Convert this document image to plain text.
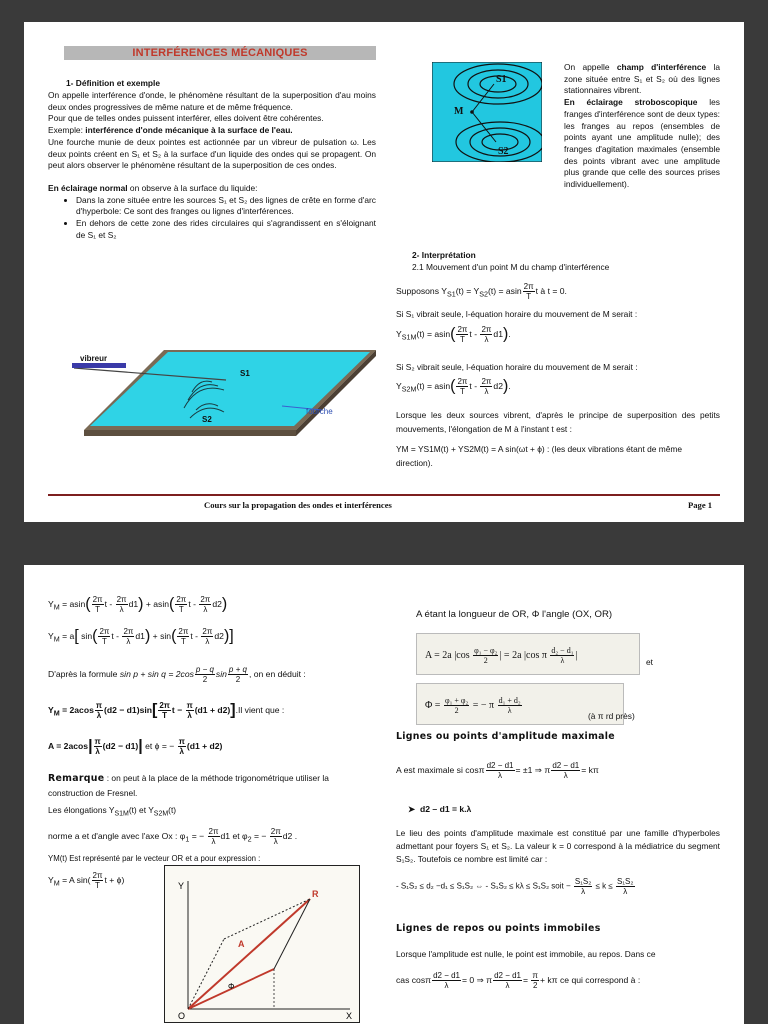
INTERFÉRENCES MÉCANIQUES
1- Définition et exemple
On appelle interférence d'onde, le phénomène résultant de la superposition d'au moins deux ondes progressives de même nature et de même fréquence.
Pour que de telles ondes puissent interférer, elles doivent être cohérentes.
Exemple: interférence d'onde mécanique à la surface de l'eau.
Une fourche munie de deux pointes est actionnée par un vibreur de pulsation ω. Les deux points créent en S₁ et S₂ à la surface d'un liquide des ondes qui se propagent. On peut alors observer le phénomène résultant de la superposition de ces ondes.
En éclairage normal on observe à la surface du liquide:
• Dans la zone située entre les sources S₁ et S₂ des lignes de crête en forme d'arc d'hyperbole: Ce sont des franges ou lignes d'interférences.
• En dehors de cette zone des rides circulaires qui s'agrandissent en s'éloignant de S₁ et S₂
vibreur
S1
S2
fourche
S1
S2
M
On appelle champ d'interférence la zone située entre S₁ et S₂ où des lignes stationnaires vibrent.
En éclairage stroboscopique les franges d'interférence sont de deux types: les franges au repos (ensembles de points ayant une amplitude nulle); des franges d'agitation maximales (ensemble des points vibrant avec une amplitude plus grande que celle des sources prises individuellement).
2- Interprétation
2.1 Mouvement d'un point M du champ d'interférence
Supposons $Y_{S1}(t) = Y_{S2}(t) = asin \frac{2\pi}{T}$ t à t = 0.
Si S₁ vibrait seule, l-équation horaire du mouvement de M serait :
$Y_{S1M}(t) = asin( \frac{2\pi}{T}$ t - $\frac{2\pi}{\lambda} d1$).
Si S₂ vibrait seule, l-équation horaire du mouvement de M serait :
$Y_{S2M}(t) = asin( \frac{2\pi}{T}$ t - $\frac{2\pi}{\lambda} d2$).
Lorsque les deux sources vibrent, d'après le principe de superposition des petits mouvements, l'élongation de M à l'instant t est :
YM = YS1M(t) + YS2M(t) = A sin(ωt + ϕ) : (les deux vibrations étant de même direction).
Cours sur la propagation des ondes et interférences	Page 1
$Y_M = asin( \frac{2\pi}{T}$ $t - \frac{2\pi}{\lambda} d1) + asin( \frac{2\pi}{T}$ t - $\frac{2\pi}{\lambda} d2$)
$Y_M = a$[ $\sin( \frac{2\pi}{T}$ $t - \frac{2\pi}{\lambda} d1) + \sin( \frac{2\pi}{T}$ t - $\frac{2\pi}{\lambda} d2$)]
D'après la formule $\sin p + \sin q = 2\cos \frac{p - q}{2}$ $\sin \frac{p + q}{2}$ , on en déduit :
$Y_M = 2acos \frac{\pi}{\lambda} (d2 - d1)\sin[ \frac{2\pi}{T}$ $t - \frac{\pi}{\lambda} (d1 + d2)].Il$ vient que :
$A = 2acos| \frac{\pi}{\lambda} (d2 - d1)|$ et ϕ = − $\frac{\pi}{\lambda} (d1 + d2)$
Remarque : on peut à la place de la méthode trigonométrique utiliser la construction de Fresnel.
Les élongations $Y_{S1M}(t)$ et $Y_{S2M}(t)$
norme a et d'angle avec l'axe Ox : $\varphi_1$ = − $\frac{2\pi}{\lambda} d1$ et $\varphi_2$ = − $\frac{2\pi}{\lambda} d2$ .
YM(t) Est représenté par le vecteur OR et a pour expression :
$Y_M = A$ $\sin( \frac{2\pi}{T}$ t + ϕ)
Y
X
O
R
A
Φ
A étant la longueur de OR, Φ l'angle (OX, OR)
A = 2a $|\cos \frac{\text{φ₁ − φ₂}}{2}$ | = 2a |cos π $\frac{\text{d₂ − d₁}}{\lambda}$ |
et
$\Phi = \frac{\text{φ₁ + φ₂}}{2}$ = − π $\frac{\text{d₁ + d₂}}{\lambda}$
(à π rd près)
Lignes ou points d'amplitude maximale
A est maximale si cosπ $\frac{d2 - d1}{\lambda} = \pm 1$ ⇒ π $\frac{d2 - d1}{\lambda} = k\pi$
➤  d2 – d1 = k.λ
Le lieu des points d'amplitude maximale est constitué par une famille d'hyperboles admettant pour foyers S₁ et S₂. La valeur k = 0 correspond à la médiatrice du segment S₁S₂. Toutefois ce nombre est limité car :
- S₁S₂ ≤ d₂ −d₁ ≤ S₁S₂ ⇔ - S₁S₂ ≤ kλ ≤ S₁S₂ soit − $\frac{\text{S₁S₂}}{\lambda} \le k \le \frac{\text{S₁S₂}}{\lambda}$
Lignes de repos ou points immobiles
Lorsque l'amplitude est nulle, le point est immobile, au repos. Dans ce
cas cosπ $\frac{d2 - d1}{\lambda} = 0$ ⇒ π $\frac{d2 - d1}{\lambda} = \frac{\pi}{2} + k\pi$ ce qui correspond à :
